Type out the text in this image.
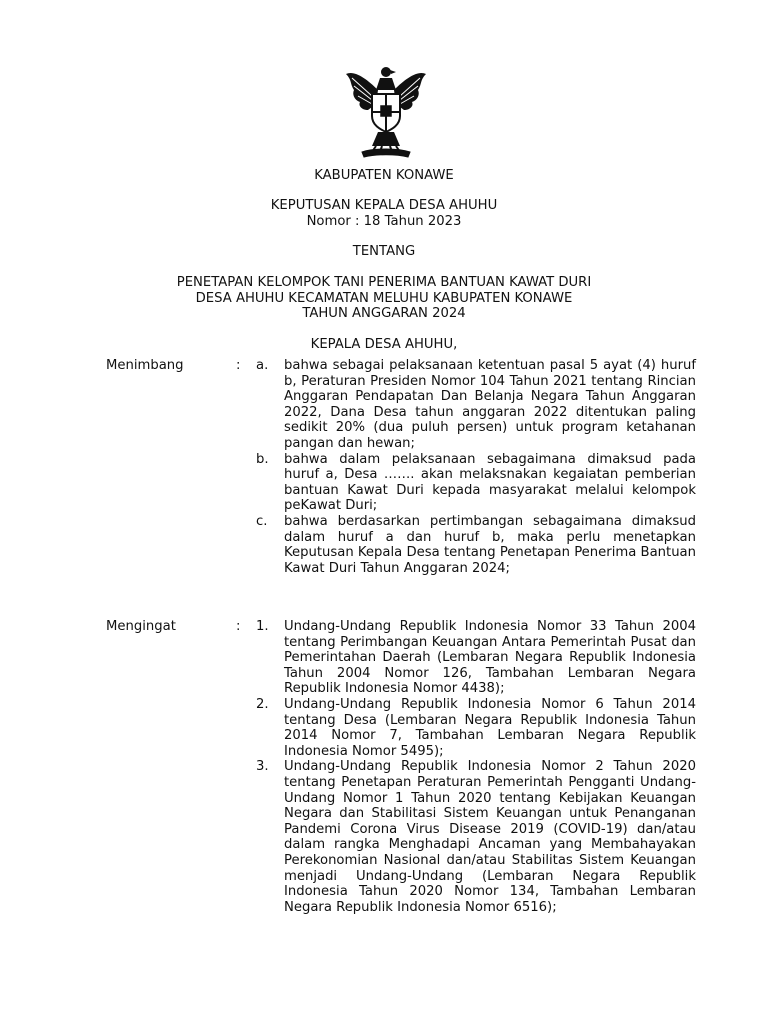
KABUPATEN KONAWE
KEPUTUSAN KEPALA DESA AHUHU
Nomor : 18 Tahun 2023
TENTANG
PENETAPAN KELOMPOK TANI PENERIMA BANTUAN KAWAT DURI
DESA AHUHU KECAMATAN MELUHU KABUPATEN KONAWE
TAHUN ANGGARAN 2024
KEPALA DESA AHUHU,
Menimbang	: a. bahwa sebagai pelaksanaan ketentuan pasal 5 ayat (4) huruf b, Peraturan Presiden Nomor 104 Tahun 2021 tentang Rincian Anggaran Pendapatan Dan Belanja Negara Tahun Anggaran 2022, Dana Desa tahun anggaran 2022 ditentukan paling sedikit 20% (dua puluh persen) untuk program ketahanan pangan dan hewan;
b. bahwa dalam pelaksanaan sebagaimana dimaksud pada huruf a, Desa ……. akan melaksnakan kegaiatan pemberian bantuan Kawat Duri kepada masyarakat melalui kelompok peKawat Duri;
c. bahwa berdasarkan pertimbangan sebagaimana dimaksud dalam huruf a dan huruf b, maka perlu menetapkan Keputusan Kepala Desa tentang Penetapan Penerima Bantuan Kawat Duri Tahun Anggaran 2024;
Mengingat	: 1. Undang-Undang Republik Indonesia Nomor 33 Tahun 2004 tentang Perimbangan Keuangan Antara Pemerintah Pusat dan Pemerintahan Daerah (Lembaran Negara Republik Indonesia Tahun 2004 Nomor 126, Tambahan Lembaran Negara Republik Indonesia Nomor 4438);
2. Undang-Undang Republik Indonesia Nomor 6 Tahun 2014 tentang Desa (Lembaran Negara Republik Indonesia Tahun 2014 Nomor 7, Tambahan Lembaran Negara Republik Indonesia Nomor 5495);
3. Undang-Undang Republik Indonesia Nomor 2 Tahun 2020 tentang Penetapan Peraturan Pemerintah Pengganti Undang-Undang Nomor 1 Tahun 2020 tentang Kebijakan Keuangan Negara dan Stabilitasi Sistem Keuangan untuk Penanganan Pandemi Corona Virus Disease 2019 (COVID-19) dan/atau dalam rangka Menghadapi Ancaman yang Membahayakan Perekonomian Nasional dan/atau Stabilitas Sistem Keuangan menjadi Undang-Undang (Lembaran Negara Republik Indonesia Tahun 2020 Nomor 134, Tambahan Lembaran Negara Republik Indonesia Nomor 6516);
